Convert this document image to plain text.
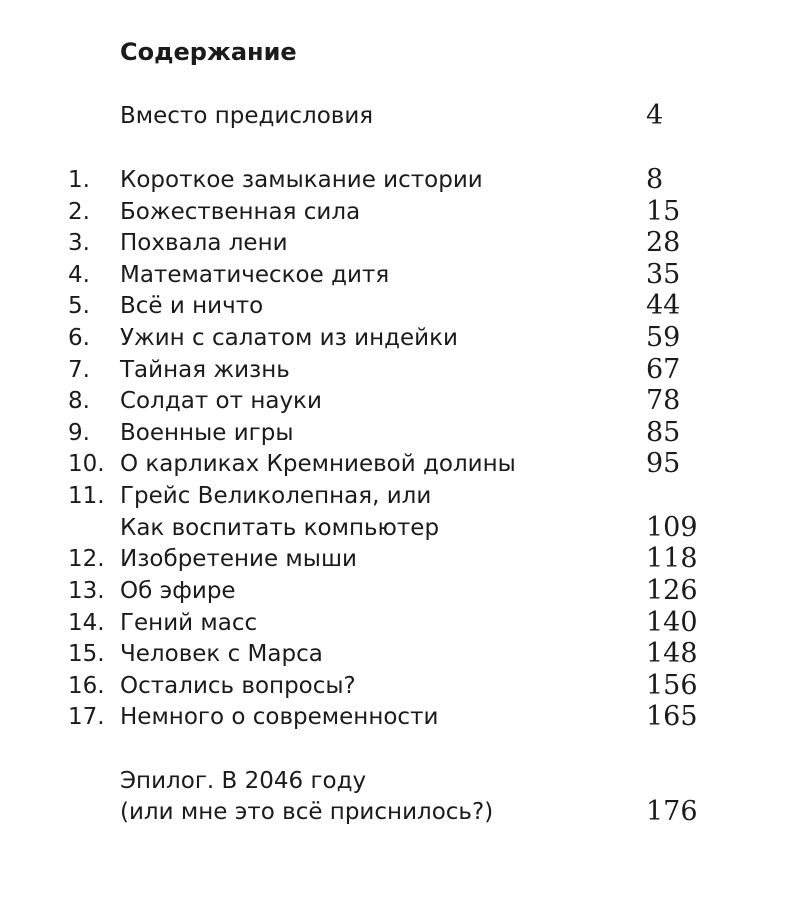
Содержание
Вместо предисловия	4
1. Короткое замыкание истории	8
2. Божественная сила	15
3. Похвала лени	28
4. Математическое дитя	35
5. Всё и ничто	44
6. Ужин с салатом из индейки	59
7. Тайная жизнь	67
8. Солдат от науки	78
9. Военные игры	85
10. О карликах Кремниевой долины	95
11. Грейс Великолепная, или
Как воспитать компьютер	109
12. Изобретение мыши	118
13. Об эфире	126
14. Гений масс	140
15. Человек с Марса	148
16. Остались вопросы?	156
17. Немного о современности	165
Эпилог. В 2046 году
(или мне это всё приснилось?)	176
